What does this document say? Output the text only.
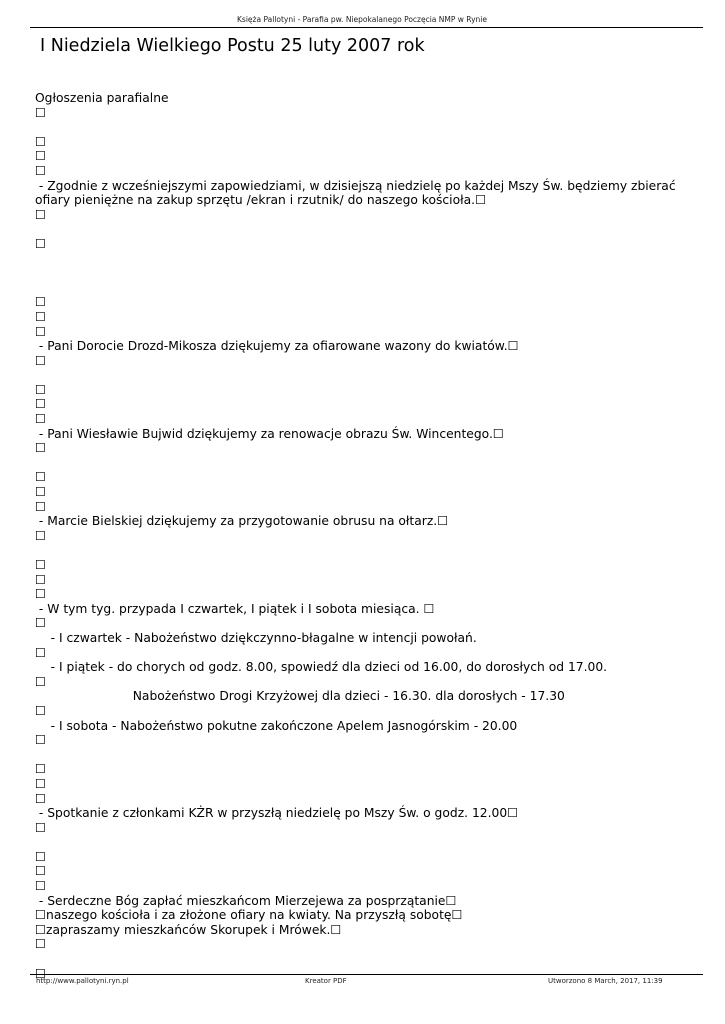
Księża Pallotyni - Parafia pw. Niepokalanego Poczęcia NMP w Rynie
I Niedziela Wielkiego Postu 25 luty 2007 rok
Ogłoszenia parafialne
☐
☐
☐
☐
- Zgodnie z wcześniejszymi zapowiedziami, w dzisiejszą niedzielę po każdej Mszy Św. będziemy zbierać
ofiary pieniężne na zakup sprzętu /ekran i rzutnik/ do naszego kościoła.☐
☐
☐
☐
☐
☐
- Pani Dorocie Drozd-Mikosza dziękujemy za ofiarowane wazony do kwiatów.☐
☐
☐
☐
☐
- Pani Wiesławie Bujwid dziękujemy za renowacje obrazu Św. Wincentego.☐
☐
☐
☐
☐
- Marcie Bielskiej dziękujemy za przygotowanie obrusu na ołtarz.☐
☐
☐
☐
☐
- W tym tyg. przypada I czwartek, I piątek i I sobota miesiąca. ☐
☐
- I czwartek - Nabożeństwo dziękczynno-błagalne w intencji powołań.
☐
- I piątek - do chorych od godz. 8.00, spowiedź dla dzieci od 16.00, do dorosłych od 17.00.
☐
Nabożeństwo Drogi Krzyżowej dla dzieci - 16.30. dla dorosłych - 17.30
☐
- I sobota - Nabożeństwo pokutne zakończone Apelem Jasnogórskim - 20.00
☐
☐
☐
☐
- Spotkanie z członkami KŻR w przyszłą niedzielę po Mszy Św. o godz. 12.00☐
☐
☐
☐
☐
- Serdeczne Bóg zapłać mieszkańcom Mierzejewa za posprzątanie☐
☐naszego kościoła i za złożone ofiary na kwiaty. Na przyszłą sobotę☐
☐zapraszamy mieszkańców Skorupek i Mrówek.☐
☐
☐
http://www.pallotyni.ryn.pl	Kreator PDF	Utworzono 8 March, 2017, 11:39
